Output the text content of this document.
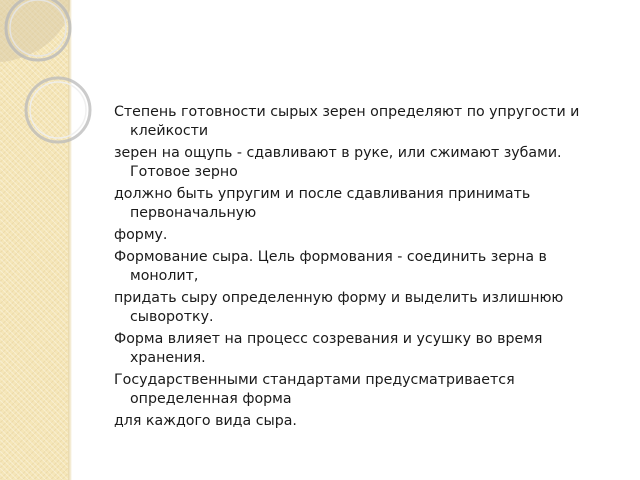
Степень готовности сырых зерен определяют по упругости и клейкости

зерен на ощупь - сдавливают в руке, или сжимают зубами. Готовое зерно

должно быть упругим и после сдавливания принимать первоначальную

форму.

Формование сыра. Цель формования - соединить зерна в монолит,

придать сыру определенную форму и выделить излишнюю сыворотку.

Форма влияет на процесс созревания и усушку во время хранения.

Государственными стандартами предусматривается определенная форма

для каждого вида сыра.
